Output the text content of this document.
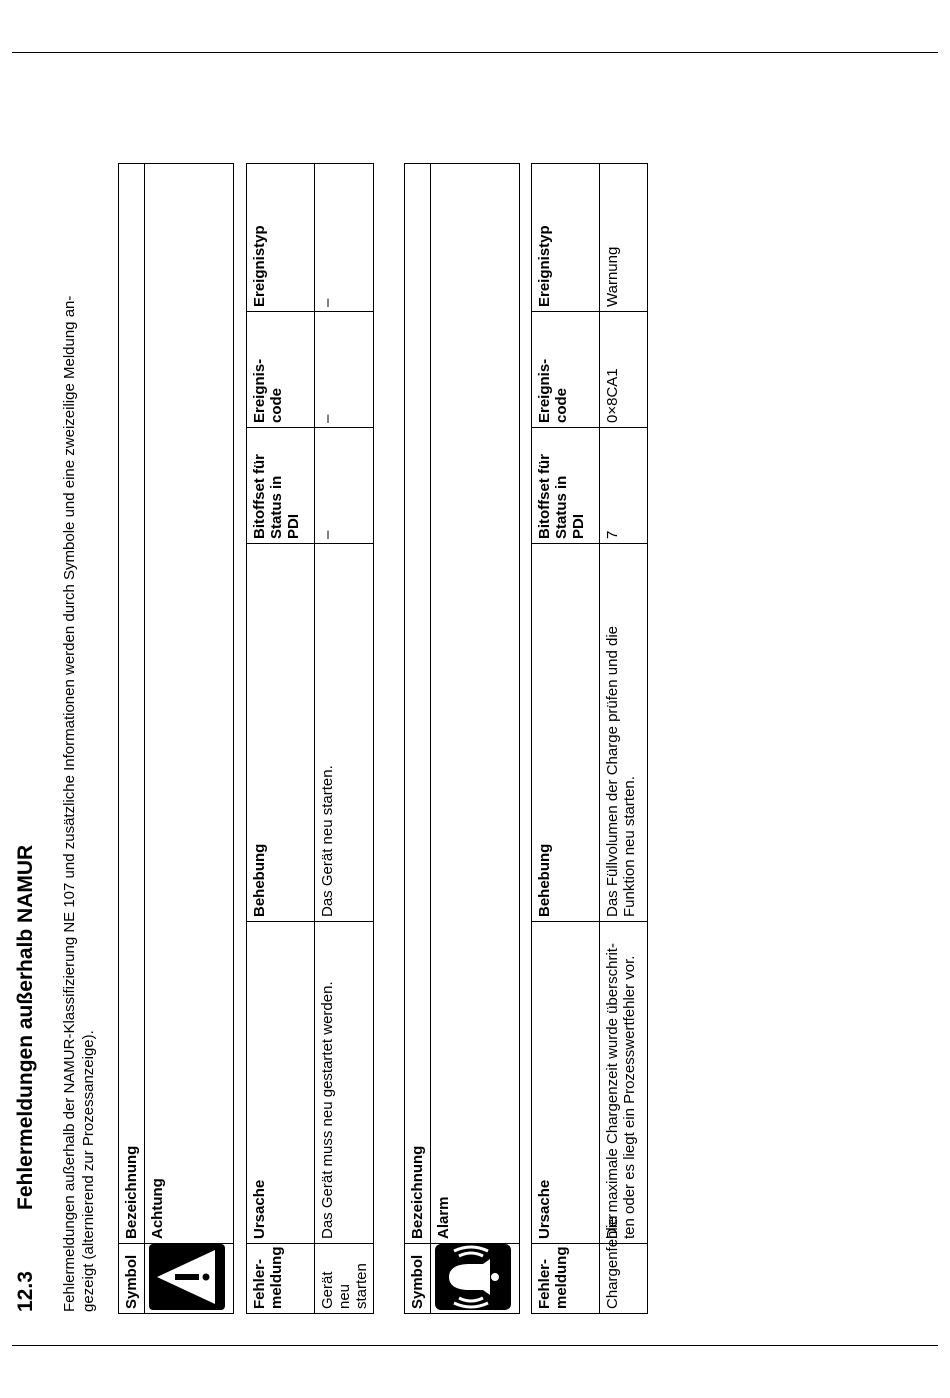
12.3
Fehlermeldungen außerhalb NAMUR Fehlermeldungen außerhalb der NAMUR-Klassifizierung NE 107 und zusätzliche Informationen werden durch Symbole und eine zweizeilige Meldung an- gezeigt (alternierend zur Prozessanzeige). Symbol	Bezeichnung
	Achtung
Fehler-
meldung	Ursache	Behebung	Bitoffset für
Status in
PDI	Ereignis-
code	Ereignistyp
Gerät neu
starten	Das Gerät muss neu gestartet werden.	Das Gerät neu starten.	–	–	–
Symbol	Bezeichnung
	Alarm
Fehler-
meldung	Ursache	Behebung	Bitoffset für
Status in
PDI	Ereignis-
code	Ereignistyp
Chargenfehler	Die maximale Chargenzeit wurde überschrit-
ten oder es liegt ein Prozesswertfehler vor.	Das Füllvolumen der Charge prüfen und die
Funktion neu starten.	7	0×8CA1	Warnung
